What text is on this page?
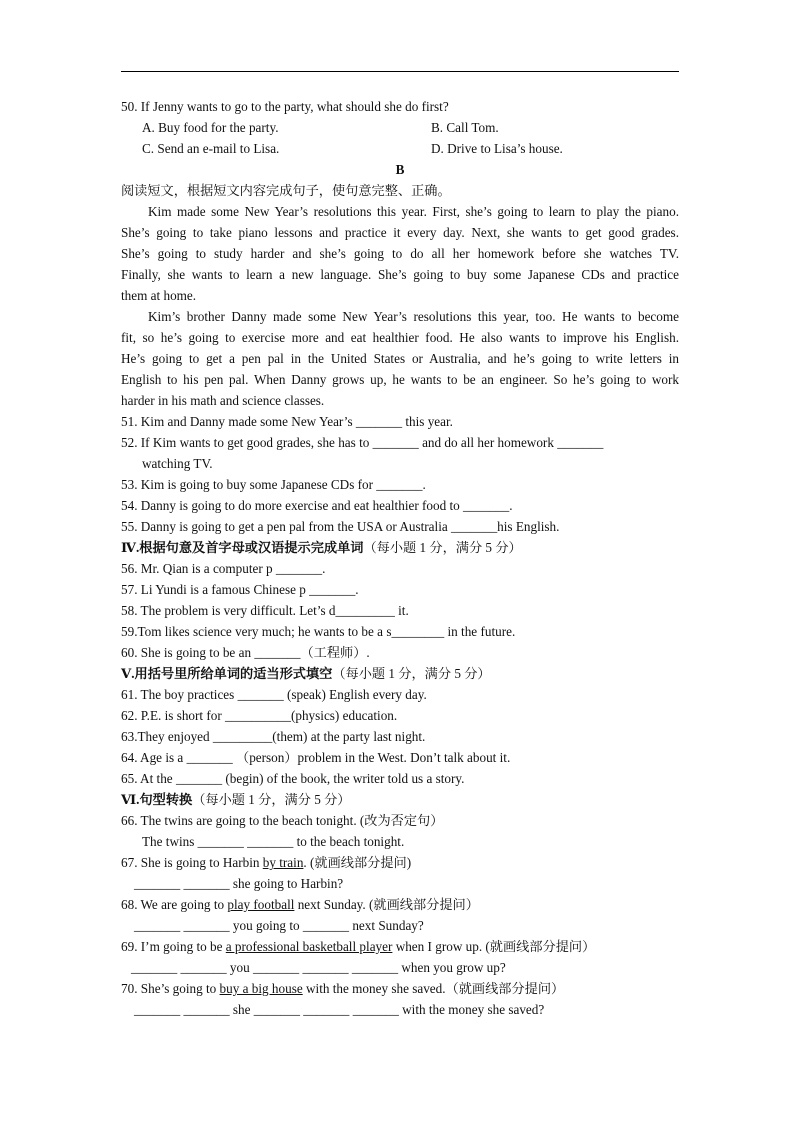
50. If Jenny wants to go to the party, what should she do first?
A. Buy food for the party.	B. Call Tom.
C. Send an e-mail to Lisa.	D. Drive to Lisa’s house.
B
阅读短文，根据短文内容完成句子，使句意完整、正确。
Kim made some New Year’s resolutions this year. First, she’s going to learn to play the piano.
She’s going to take piano lessons and practice it every day. Next, she wants to get good grades.
She’s going to study harder and she’s going to do all her homework before she watches TV.
Finally, she wants to learn a new language. She’s going to buy some Japanese CDs and practice
them at home.
Kim’s brother Danny made some New Year’s resolutions this year, too. He wants to become
fit, so he’s going to exercise more and eat healthier food. He also wants to improve his English.
He’s going to get a pen pal in the United States or Australia, and he’s going to write letters in
English to his pen pal. When Danny grows up, he wants to be an engineer. So he’s going to work
harder in his math and science classes.
51. Kim and Danny made some New Year’s _______ this year.
52. If Kim wants to get good grades, she has to _______ and do all her homework _______
watching TV.
53. Kim is going to buy some Japanese CDs for _______.
54. Danny is going to do more exercise and eat healthier food to _______.
55. Danny is going to get a pen pal from the USA or Australia _______his English.
Ⅳ.根据句意及首字母或汉语提示完成单词（每小题 1 分，满分 5 分）
56. Mr. Qian is a computer p _______.
57. Li Yundi is a famous Chinese p _______.
58. The problem is very difficult. Let’s d_________ it.
59.Tom likes science very much; he wants to be a s________ in the future.
60. She is going to be an _______（工程师）.
Ⅴ.用括号里所给单词的适当形式填空（每小题 1 分，满分 5 分）
61. The boy practices _______ (speak) English every day.
62. P.E. is short for __________(physics) education.
63.They enjoyed _________(them) at the party last night.
64. Age is a _______ （person）problem in the West. Don’t talk about it.
65. At the _______ (begin) of the book, the writer told us a story.
Ⅵ.句型转换（每小题 1 分，满分 5 分）
66. The twins are going to the beach tonight. (改为否定句）
The twins _______ _______ to the beach tonight.
67. She is going to Harbin by train. (就画线部分提问)
_______ _______ she going to Harbin?
68. We are going to play football next Sunday. (就画线部分提问）
_______ _______ you going to _______ next Sunday?
69. I’m going to be a professional basketball player when I grow up. (就画线部分提问）
_______ _______ you _______ _______ _______ when you grow up?
70. She’s going to buy a big house with the money she saved.（就画线部分提问）
_______ _______ she _______ _______ _______ with the money she saved?
